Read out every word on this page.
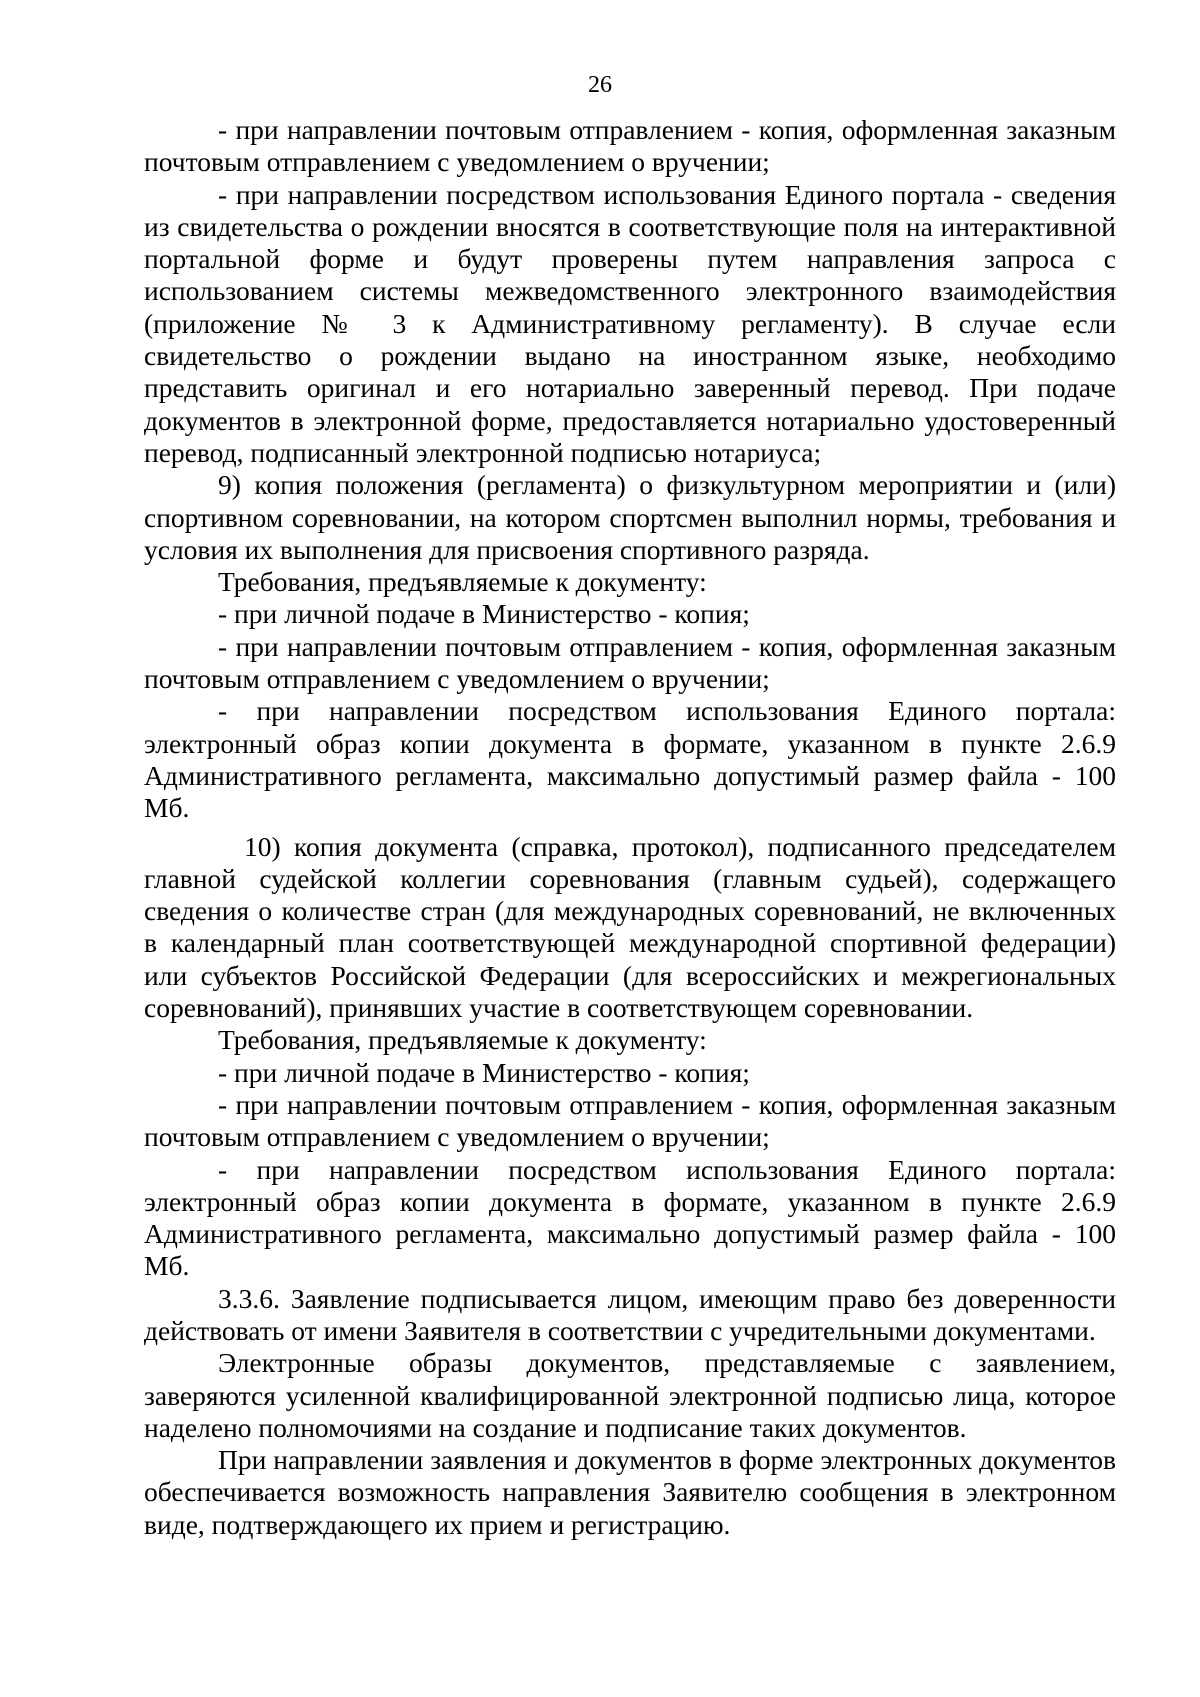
26

- при направлении почтовым отправлением - копия, оформленная заказным почтовым отправлением с уведомлением о вручении;

- при направлении посредством использования Единого портала - сведения из свидетельства о рождении вносятся в соответствующие поля на интерактивной портальной форме и будут проверены путем направления запроса с использованием системы межведомственного электронного взаимодействия (приложение № 3 к Административному регламенту). В случае если свидетельство о рождении выдано на иностранном языке, необходимо представить оригинал и его нотариально заверенный перевод. При подаче документов в электронной форме, предоставляется нотариально удостоверенный перевод, подписанный электронной подписью нотариуса;

9) копия положения (регламента) о физкультурном мероприятии и (или) спортивном соревновании, на котором спортсмен выполнил нормы, требования и условия их выполнения для присвоения спортивного разряда.

Требования, предъявляемые к документу:

- при личной подаче в Министерство - копия;

- при направлении почтовым отправлением - копия, оформленная заказным почтовым отправлением с уведомлением о вручении;

- при направлении посредством использования Единого портала: электронный образ копии документа в формате, указанном в пункте 2.6.9 Административного регламента, максимально допустимый размер файла - 100 Мб.

10) копия документа (справка, протокол), подписанного председателем главной судейской коллегии соревнования (главным судьей), содержащего сведения о количестве стран (для международных соревнований, не включенных в календарный план соответствующей международной спортивной федерации) или субъектов Российской Федерации (для всероссийских и межрегиональных соревнований), принявших участие в соответствующем соревновании.

Требования, предъявляемые к документу:

- при личной подаче в Министерство - копия;

- при направлении почтовым отправлением - копия, оформленная заказным почтовым отправлением с уведомлением о вручении;

- при направлении посредством использования Единого портала: электронный образ копии документа в формате, указанном в пункте 2.6.9 Административного регламента, максимально допустимый размер файла - 100 Мб.

3.3.6. Заявление подписывается лицом, имеющим право без доверенности действовать от имени Заявителя в соответствии с учредительными документами.

Электронные образы документов, представляемые с заявлением, заверяются усиленной квалифицированной электронной подписью лица, которое наделено полномочиями на создание и подписание таких документов.

При направлении заявления и документов в форме электронных документов обеспечивается возможность направления Заявителю сообщения в электронном виде, подтверждающего их прием и регистрацию.
